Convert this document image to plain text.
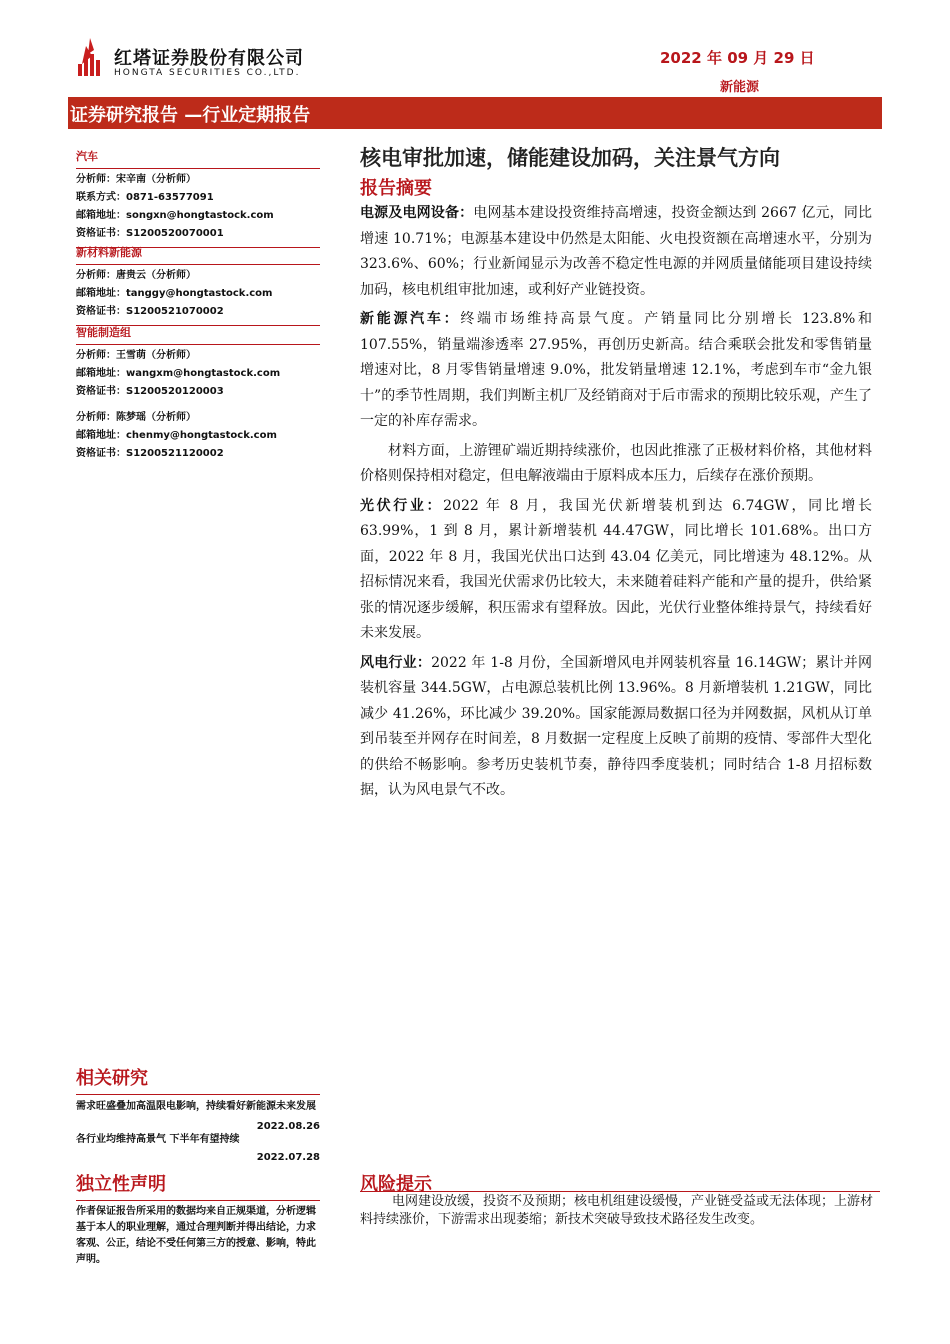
红塔证券股份有限公司
HONGTA SECURITIES CO.,LTD.
2022 年 09 月 29 日
新能源
证券研究报告 —行业定期报告
汽车
分析师：宋辛南（分析师）
联系方式：0871-63577091
邮箱地址：songxn@hongtastock.com
资格证书：S1200520070001
新材料新能源
分析师：唐贵云（分析师）
邮箱地址：tanggy@hongtastock.com
资格证书：S1200521070002
智能制造组
分析师：王雪萌（分析师）
邮箱地址：wangxm@hongtastock.com
资格证书：S1200520120003
分析师：陈梦瑶（分析师）
邮箱地址：chenmy@hongtastock.com
资格证书：S1200521120002
核电审批加速，储能建设加码，关注景气方向
报告摘要

电源及电网设备：电网基本建设投资维持高增速，投资金额达到 2667 亿元，同比增速 10.71%；电源基本建设中仍然是太阳能、火电投资额在高增速水平，分别为 323.6%、60%；行业新闻显示为改善不稳定性电源的并网质量储能项目建设持续加码，核电机组审批加速，或利好产业链投资。

新能源汽车：终端市场维持高景气度。产销量同比分别增长 123.8%和 107.55%，销量端渗透率 27.95%，再创历史新高。结合乘联会批发和零售销量增速对比，8 月零售销量增速 9.0%，批发销量增速 12.1%，考虑到车市“金九银十”的季节性周期，我们判断主机厂及经销商对于后市需求的预期比较乐观，产生了一定的补库存需求。

材料方面，上游锂矿端近期持续涨价，也因此推涨了正极材料价格，其他材料价格则保持相对稳定，但电解液端由于原料成本压力，后续存在涨价预期。

光伏行业：2022 年 8 月，我国光伏新增装机到达 6.74GW，同比增长 63.99%，1 到 8 月，累计新增装机 44.47GW，同比增长 101.68%。出口方面，2022 年 8 月，我国光伏出口达到 43.04 亿美元，同比增速为 48.12%。从招标情况来看，我国光伏需求仍比较大，未来随着硅料产能和产量的提升，供给紧张的情况逐步缓解，积压需求有望释放。因此，光伏行业整体维持景气，持续看好未来发展。

风电行业：2022 年 1-8 月份，全国新增风电并网装机容量 16.14GW；累计并网装机容量 344.5GW，占电源总装机比例 13.96%。8 月新增装机 1.21GW，同比减少 41.26%，环比减少 39.20%。国家能源局数据口径为并网数据，风机从订单到吊装至并网存在时间差，8 月数据一定程度上反映了前期的疫情、零部件大型化的供给不畅影响。参考历史装机节奏，静待四季度装机；同时结合 1-8 月招标数据，认为风电景气不改。

相关研究
需求旺盛叠加高温限电影响，持续看好新能源未来发展
2022.08.26
各行业均维持高景气 下半年有望持续
2022.07.28
独立性声明
作者保证报告所采用的数据均来自正规渠道，分析逻辑基于本人的职业理解，通过合理判断并得出结论，力求客观、公正，结论不受任何第三方的授意、影响，特此声明。
风险提示
电网建设放缓，投资不及预期；核电机组建设缓慢，产业链受益或无法体现；上游材料持续涨价，下游需求出现萎缩；新技术突破导致技术路径发生改变。
